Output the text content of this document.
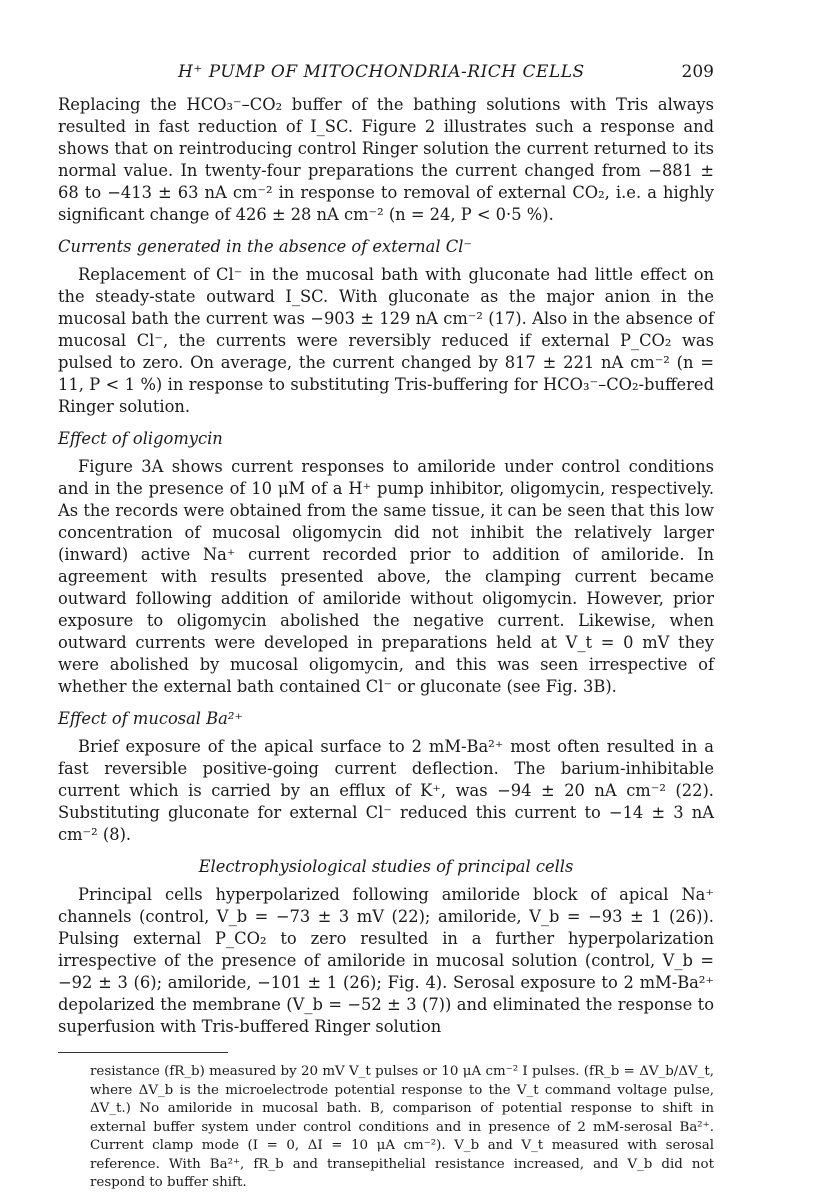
H⁺ PUMP OF MITOCHONDRIA-RICH CELLS	209

Replacing the HCO₃⁻–CO₂ buffer of the bathing solutions with Tris always resulted in fast reduction of I_SC. Figure 2 illustrates such a response and shows that on reintroducing control Ringer solution the current returned to its normal value. In twenty-four preparations the current changed from −881 ± 68 to −413 ± 63 nA cm⁻² in response to removal of external CO₂, i.e. a highly significant change of 426 ± 28 nA cm⁻² (n = 24, P < 0·5 %).

Currents generated in the absence of external Cl⁻

Replacement of Cl⁻ in the mucosal bath with gluconate had little effect on the steady-state outward I_SC. With gluconate as the major anion in the mucosal bath the current was −903 ± 129 nA cm⁻² (17). Also in the absence of mucosal Cl⁻, the currents were reversibly reduced if external P_CO₂ was pulsed to zero. On average, the current changed by 817 ± 221 nA cm⁻² (n = 11, P < 1 %) in response to substituting Tris-buffering for HCO₃⁻–CO₂-buffered Ringer solution.

Effect of oligomycin

Figure 3A shows current responses to amiloride under control conditions and in the presence of 10 μM of a H⁺ pump inhibitor, oligomycin, respectively. As the records were obtained from the same tissue, it can be seen that this low concentration of mucosal oligomycin did not inhibit the relatively larger (inward) active Na⁺ current recorded prior to addition of amiloride. In agreement with results presented above, the clamping current became outward following addition of amiloride without oligomycin. However, prior exposure to oligomycin abolished the negative current. Likewise, when outward currents were developed in preparations held at V_t = 0 mV they were abolished by mucosal oligomycin, and this was seen irrespective of whether the external bath contained Cl⁻ or gluconate (see Fig. 3B).

Effect of mucosal Ba²⁺

Brief exposure of the apical surface to 2 mM-Ba²⁺ most often resulted in a fast reversible positive-going current deflection. The barium-inhibitable current which is carried by an efflux of K⁺, was −94 ± 20 nA cm⁻² (22). Substituting gluconate for external Cl⁻ reduced this current to −14 ± 3 nA cm⁻² (8).

Electrophysiological studies of principal cells

Principal cells hyperpolarized following amiloride block of apical Na⁺ channels (control, V_b = −73 ± 3 mV (22); amiloride, V_b = −93 ± 1 (26)). Pulsing external P_CO₂ to zero resulted in a further hyperpolarization irrespective of the presence of amiloride in mucosal solution (control, V_b = −92 ± 3 (6); amiloride, −101 ± 1 (26); Fig. 4). Serosal exposure to 2 mM-Ba²⁺ depolarized the membrane (V_b = −52 ± 3 (7)) and eliminated the response to superfusion with Tris-buffered Ringer solution

resistance (fR_b) measured by 20 mV V_t pulses or 10 μA cm⁻² I pulses. (fR_b = ΔV_b/ΔV_t, where ΔV_b is the microelectrode potential response to the V_t command voltage pulse, ΔV_t.) No amiloride in mucosal bath. B, comparison of potential response to shift in external buffer system under control conditions and in presence of 2 mM-serosal Ba²⁺. Current clamp mode (I = 0, ΔI = 10 μA cm⁻²). V_b and V_t measured with serosal reference. With Ba²⁺, fR_b and transepithelial resistance increased, and V_b did not respond to buffer shift.
